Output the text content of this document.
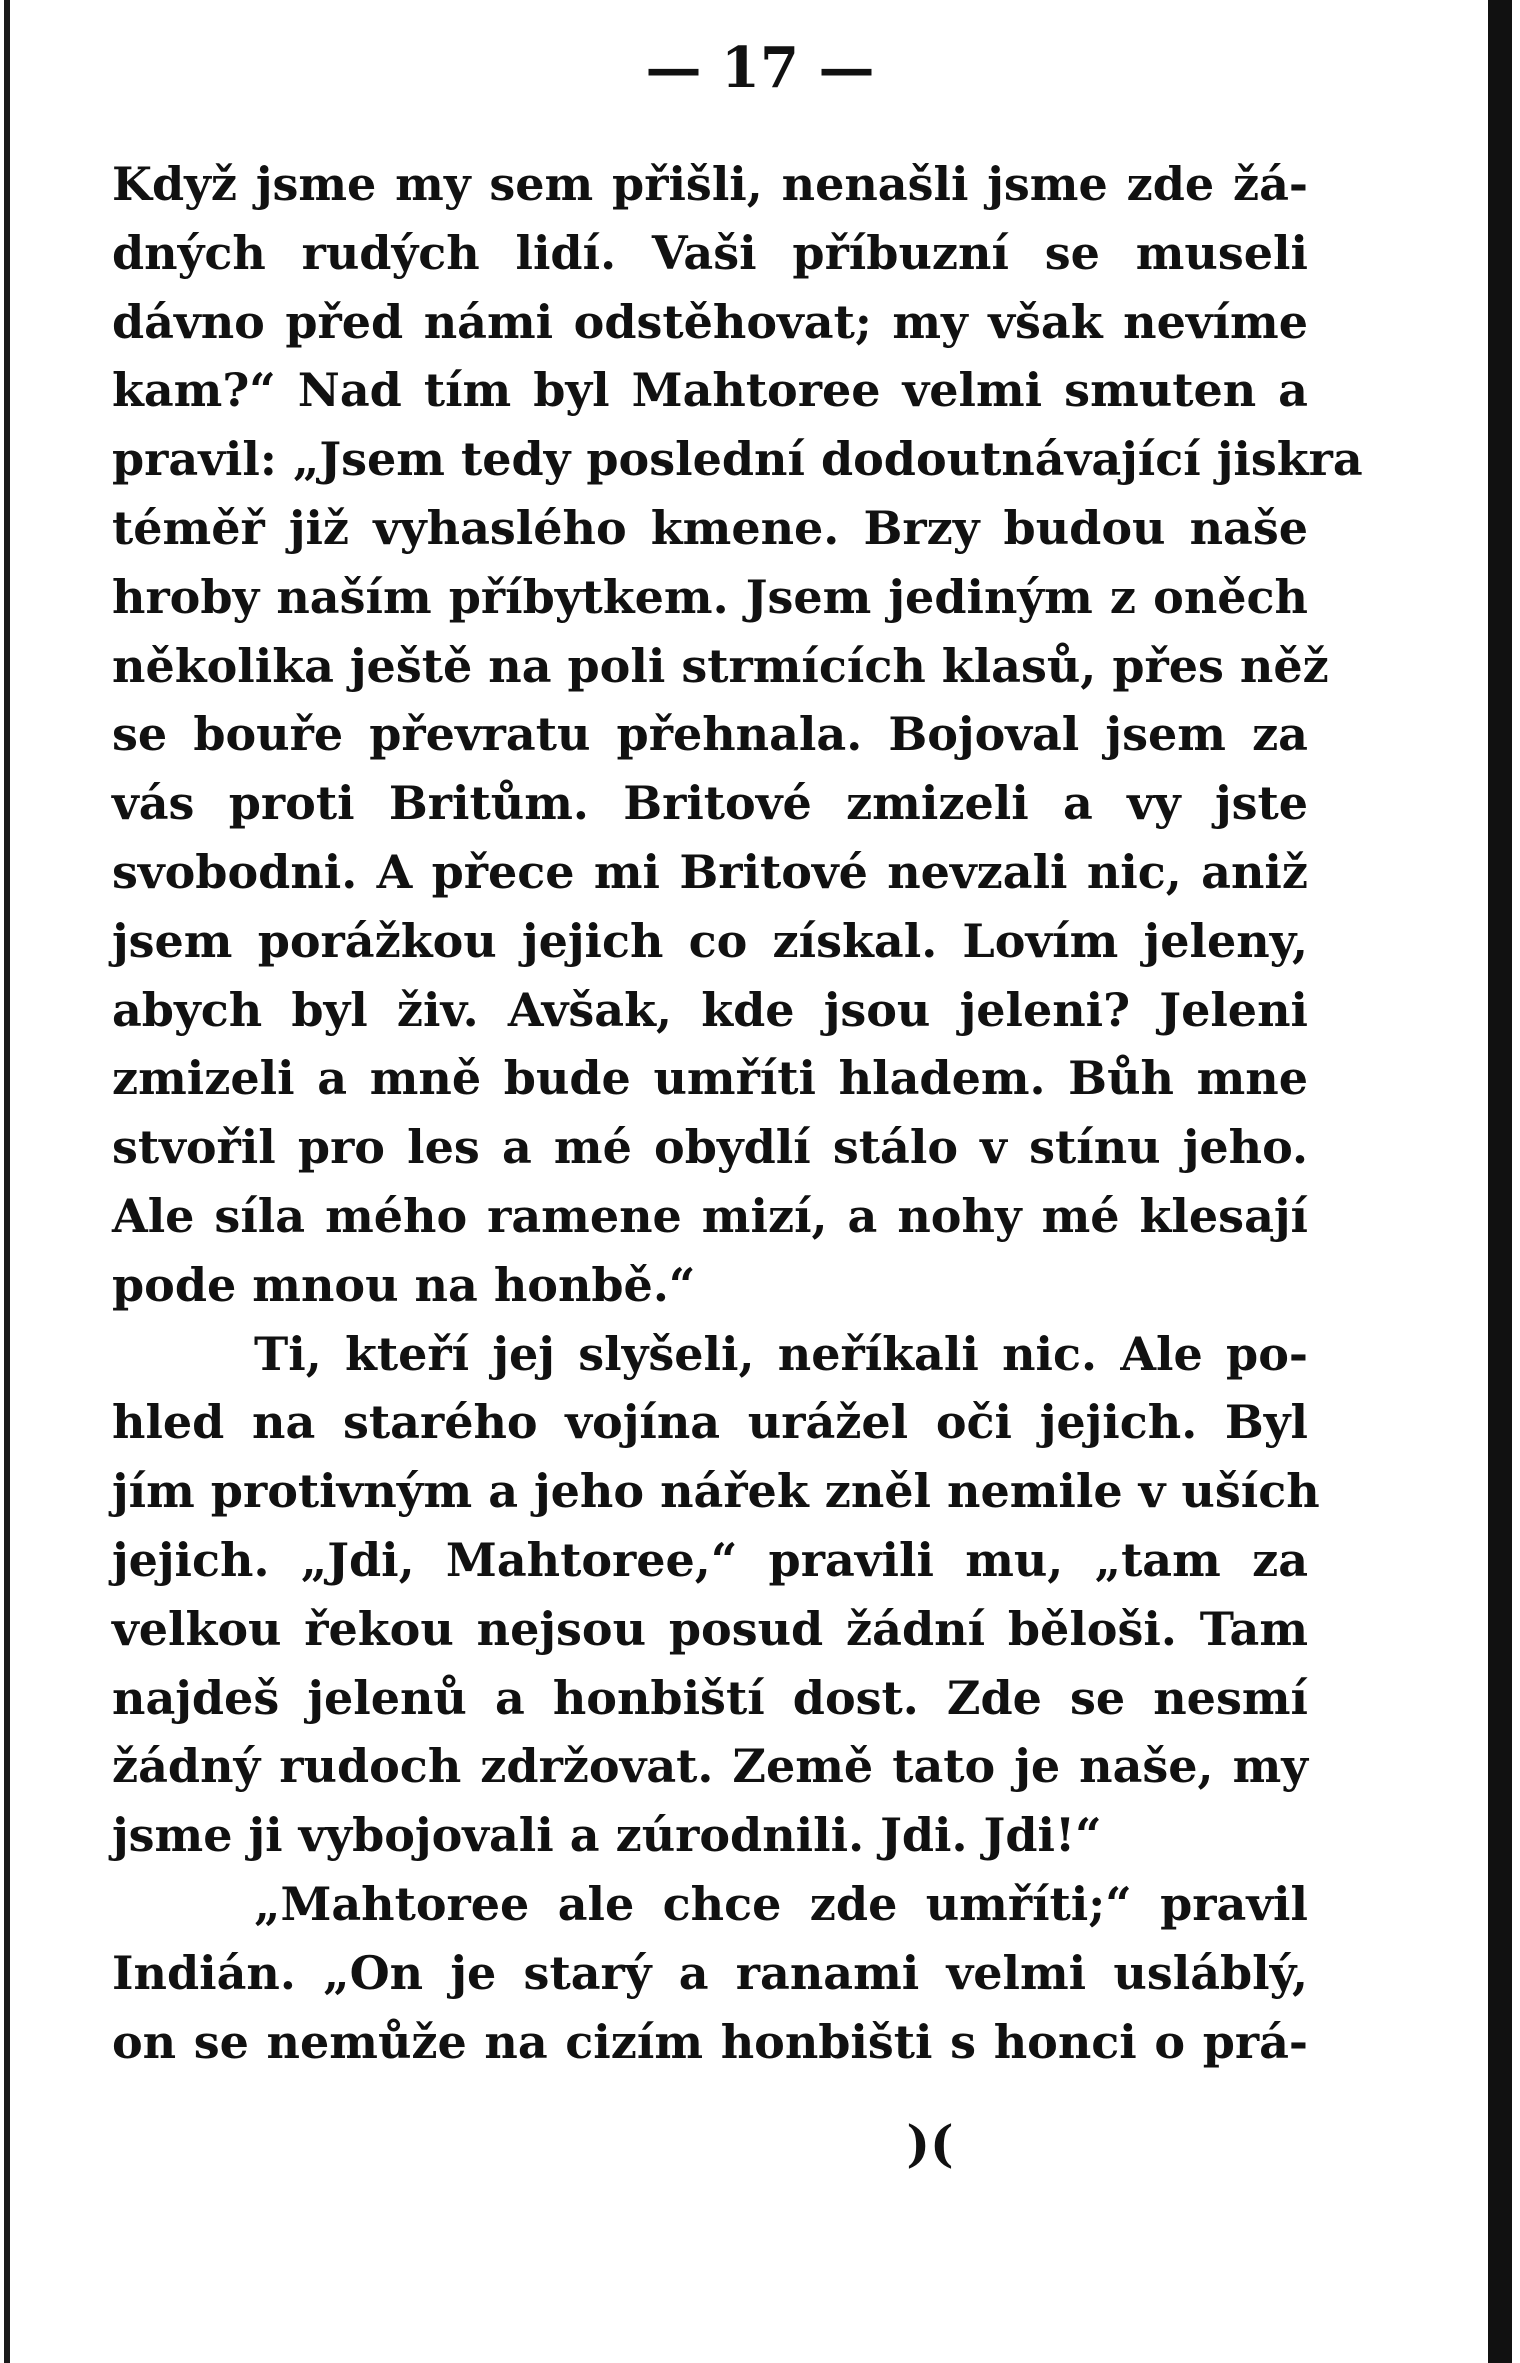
— 17 —
Když jsme my sem přišli, nenašli jsme zde žá-
dných rudých lidí. Vaši příbuzní se museli
dávno před námi odstěhovat; my však nevíme
kam?“ Nad tím byl Mahtoree velmi smuten a
pravil: „Jsem tedy poslední dodoutnávající jiskra
téměř již vyhaslého kmene. Brzy budou naše
hroby naším příbytkem. Jsem jediným z oněch
několika ještě na poli strmících klasů, přes něž
se bouře převratu přehnala. Bojoval jsem za
vás proti Britům. Britové zmizeli a vy jste
svobodni. A přece mi Britové nevzali nic, aniž
jsem porážkou jejich co získal. Lovím jeleny,
abych byl živ. Avšak, kde jsou jeleni? Jeleni
zmizeli a mně bude umříti hladem. Bůh mne
stvořil pro les a mé obydlí stálo v stínu jeho.
Ale síla mého ramene mizí, a nohy mé klesají
pode mnou na honbě.“
Ti, kteří jej slyšeli, neříkali nic. Ale po-
hled na starého vojína urážel oči jejich. Byl
jím protivným a jeho nářek zněl nemile v uších
jejich. „Jdi, Mahtoree,“ pravili mu, „tam za
velkou řekou nejsou posud žádní běloši. Tam
najdeš jelenů a honbiští dost. Zde se nesmí
žádný rudoch zdržovat. Země tato je naše, my
jsme ji vybojovali a zúrodnili. Jdi. Jdi!“
„Mahtoree ale chce zde umříti;“ pravil
Indián. „On je starý a ranami velmi usláblý,
on se nemůže na cizím honbišti s honci o prá-
)(
